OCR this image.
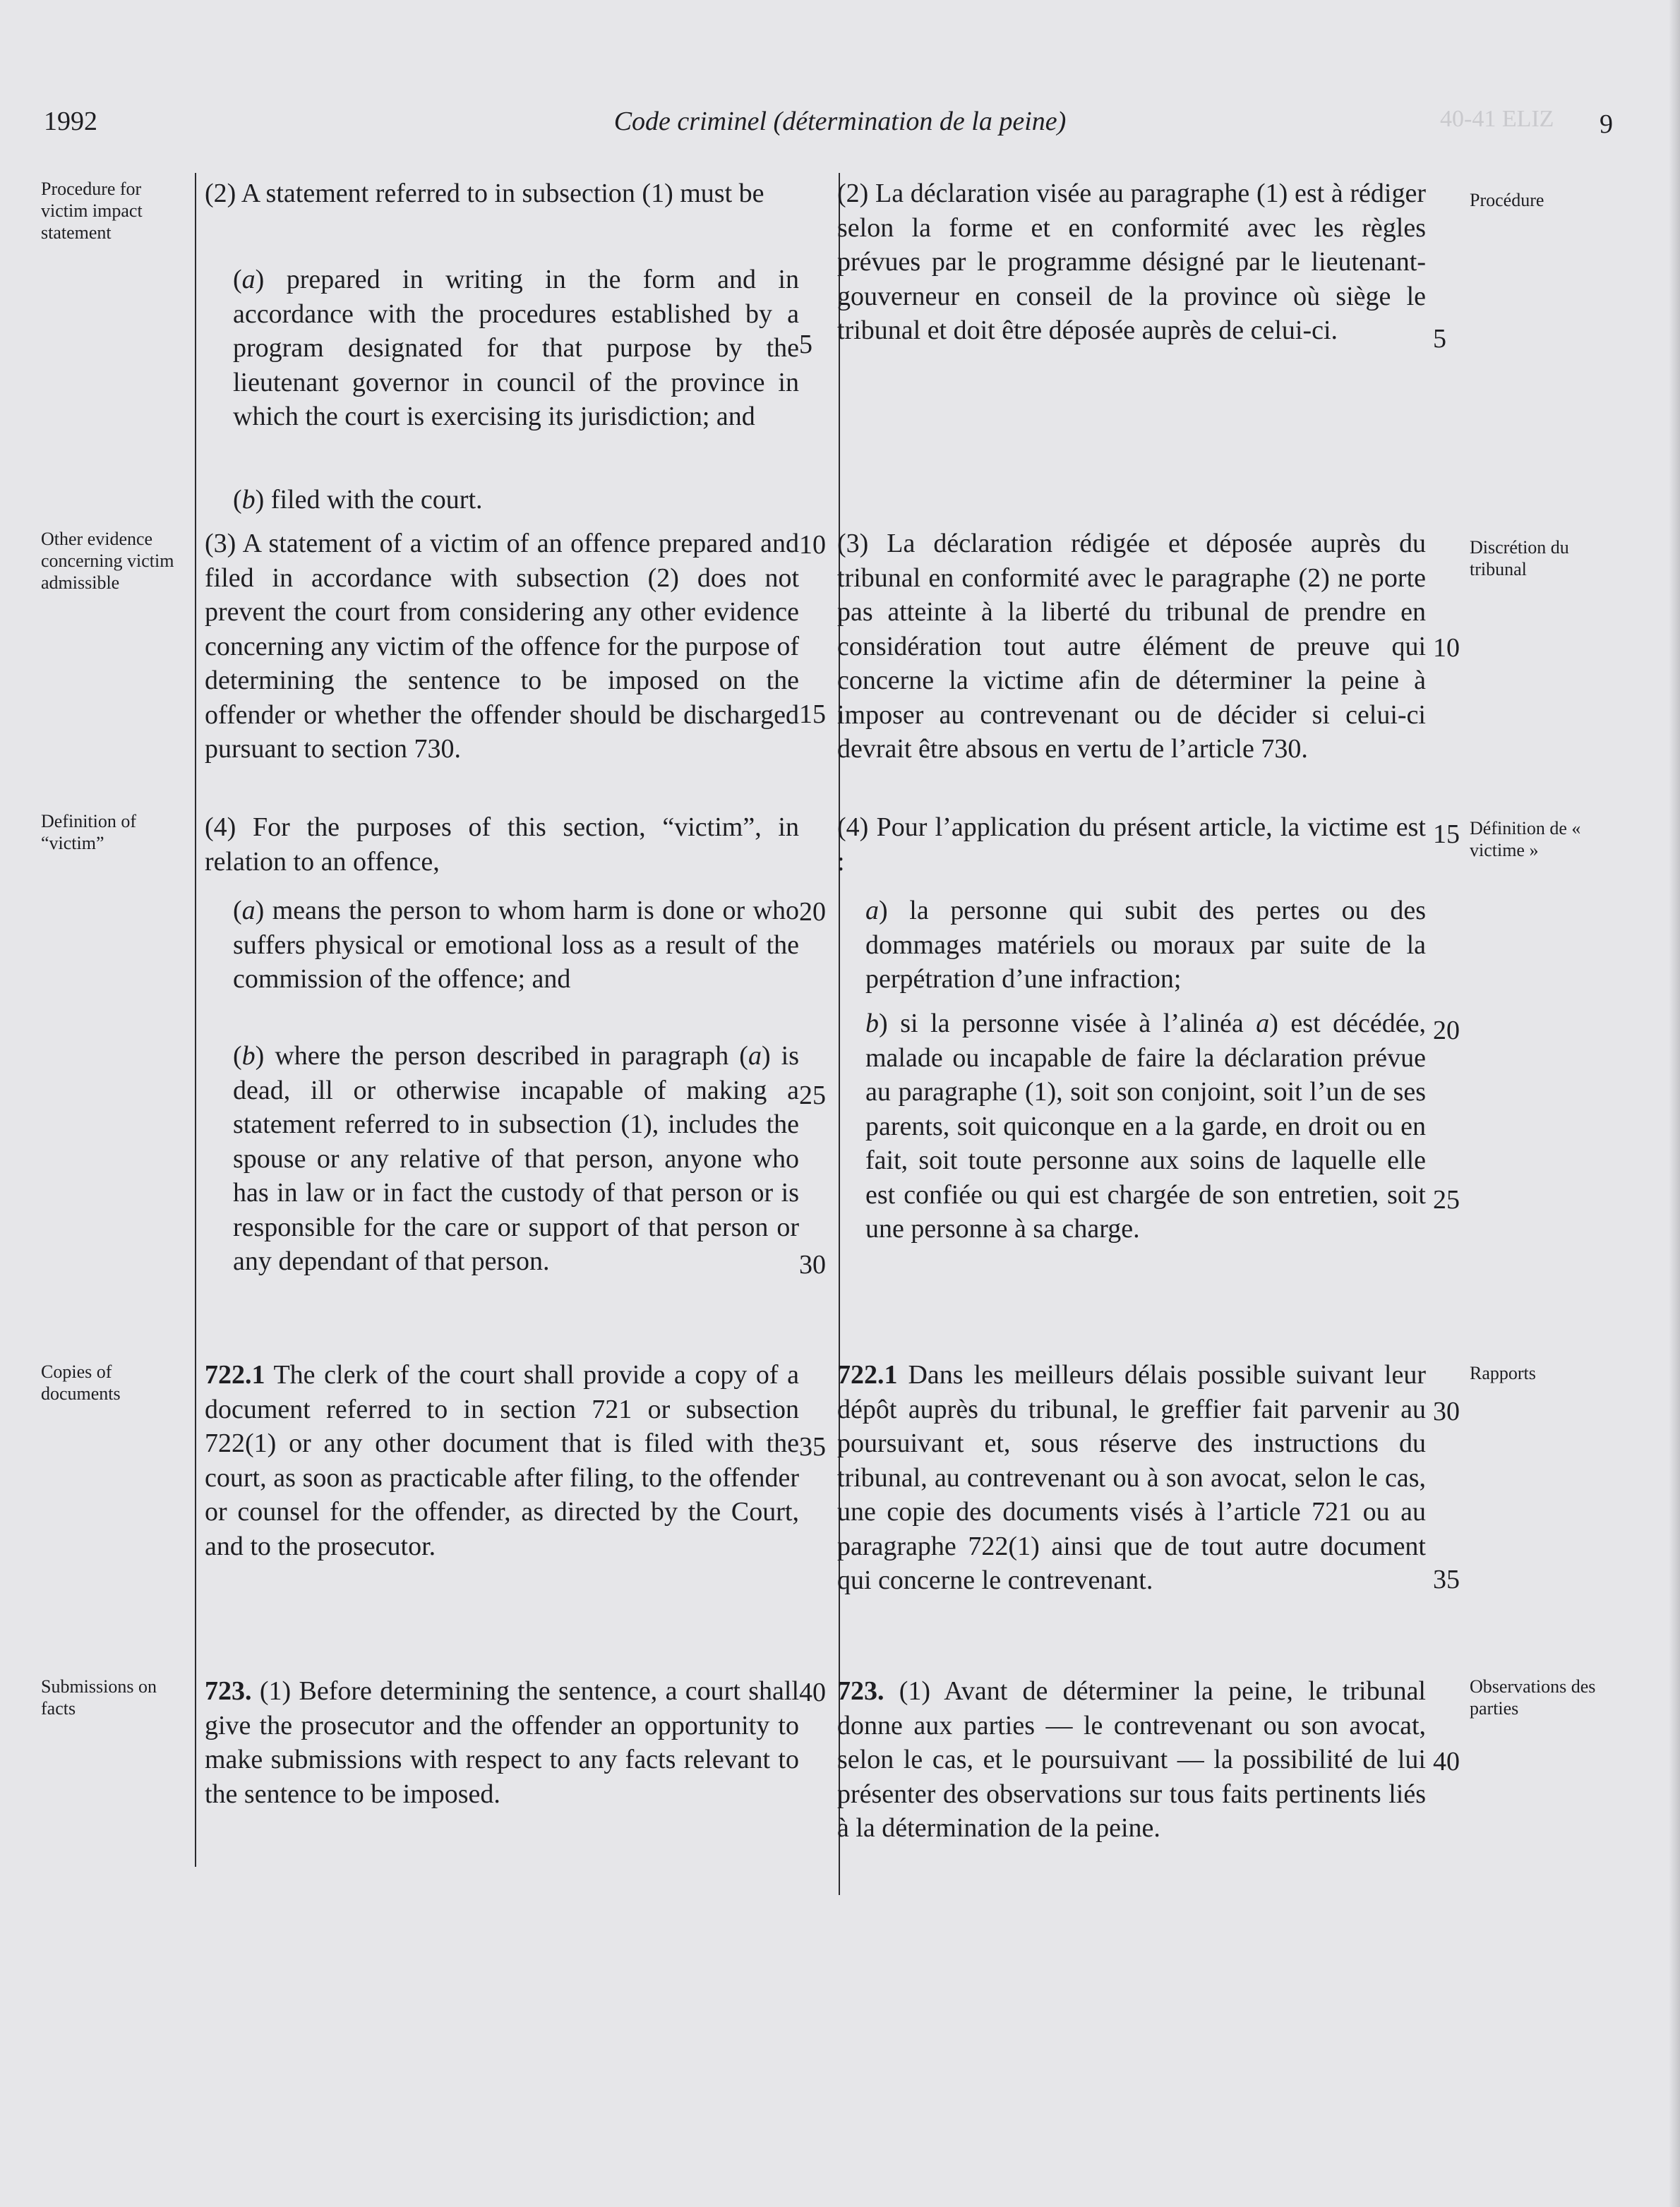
1992	Code criminel (détermination de la peine)	9
40-41 ELIZ

(2) A statement referred to in subsection (1) must be

(a) prepared in writing in the form and in accordance with the procedures established by a program designated for that purpose by the lieutenant governor in council of the province in which the court is exercising its jurisdiction; and

(b) filed with the court.

(3) A statement of a victim of an offence prepared and filed in accordance with subsection (2) does not prevent the court from considering any other evidence concerning any victim of the offence for the purpose of determining the sentence to be imposed on the offender or whether the offender should be discharged pursuant to section 730.

(4) For the purposes of this section, “victim”, in relation to an offence,

(a) means the person to whom harm is done or who suffers physical or emotional loss as a result of the commission of the offence; and

(b) where the person described in paragraph (a) is dead, ill or otherwise incapable of making a statement referred to in subsection (1), includes the spouse or any relative of that person, anyone who has in law or in fact the custody of that person or is responsible for the care or support of that person or any dependant of that person.

722.1 The clerk of the court shall provide a copy of a document referred to in section 721 or subsection 722(1) or any other document that is filed with the court, as soon as practicable after filing, to the offender or counsel for the offender, as directed by the Court, and to the prosecutor.

723. (1) Before determining the sentence, a court shall give the prosecutor and the offender an opportunity to make submissions with respect to any facts relevant to the sentence to be imposed.

(2) La déclaration visée au paragraphe (1) est à rédiger selon la forme et en conformité avec les règles prévues par le programme désigné par le lieutenant-gouverneur en conseil de la province où siège le tribunal et doit être déposée auprès de celui-ci.

(3) La déclaration rédigée et déposée auprès du tribunal en conformité avec le paragraphe (2) ne porte pas atteinte à la liberté du tribunal de prendre en considération tout autre élément de preuve qui concerne la victime afin de déterminer la peine à imposer au contrevenant ou de décider si celui-ci devrait être absous en vertu de l’article 730.

(4) Pour l’application du présent article, la victime est :

a) la personne qui subit des pertes ou des dommages matériels ou moraux par suite de la perpétration d’une infraction;

b) si la personne visée à l’alinéa a) est décédée, malade ou incapable de faire la déclaration prévue au paragraphe (1), soit son conjoint, soit l’un de ses parents, soit quiconque en a la garde, en droit ou en fait, soit toute personne aux soins de laquelle elle est confiée ou qui est chargée de son entretien, soit une personne à sa charge.

722.1 Dans les meilleurs délais possible suivant leur dépôt auprès du tribunal, le greffier fait parvenir au poursuivant et, sous réserve des instructions du tribunal, au contrevenant ou à son avocat, selon le cas, une copie des documents visés à l’article 721 ou au paragraphe 722(1) ainsi que de tout autre document qui concerne le contrevenant.

723. (1) Avant de déterminer la peine, le tribunal donne aux parties — le contrevenant ou son avocat, selon le cas, et le poursuivant — la possibilité de lui présenter des observations sur tous faits pertinents liés à la détermination de la peine.

Procedure for victim impact statement
Other evidence concerning victim admissible
Definition of “victim”
Copies of documents
Submissions on facts
Procédure
Discrétion du tribunal
Définition de « victime »
Rapports
Observations des parties
5
10
15
20
25
30
35
40
5
10
15
20
25
30
35
40
